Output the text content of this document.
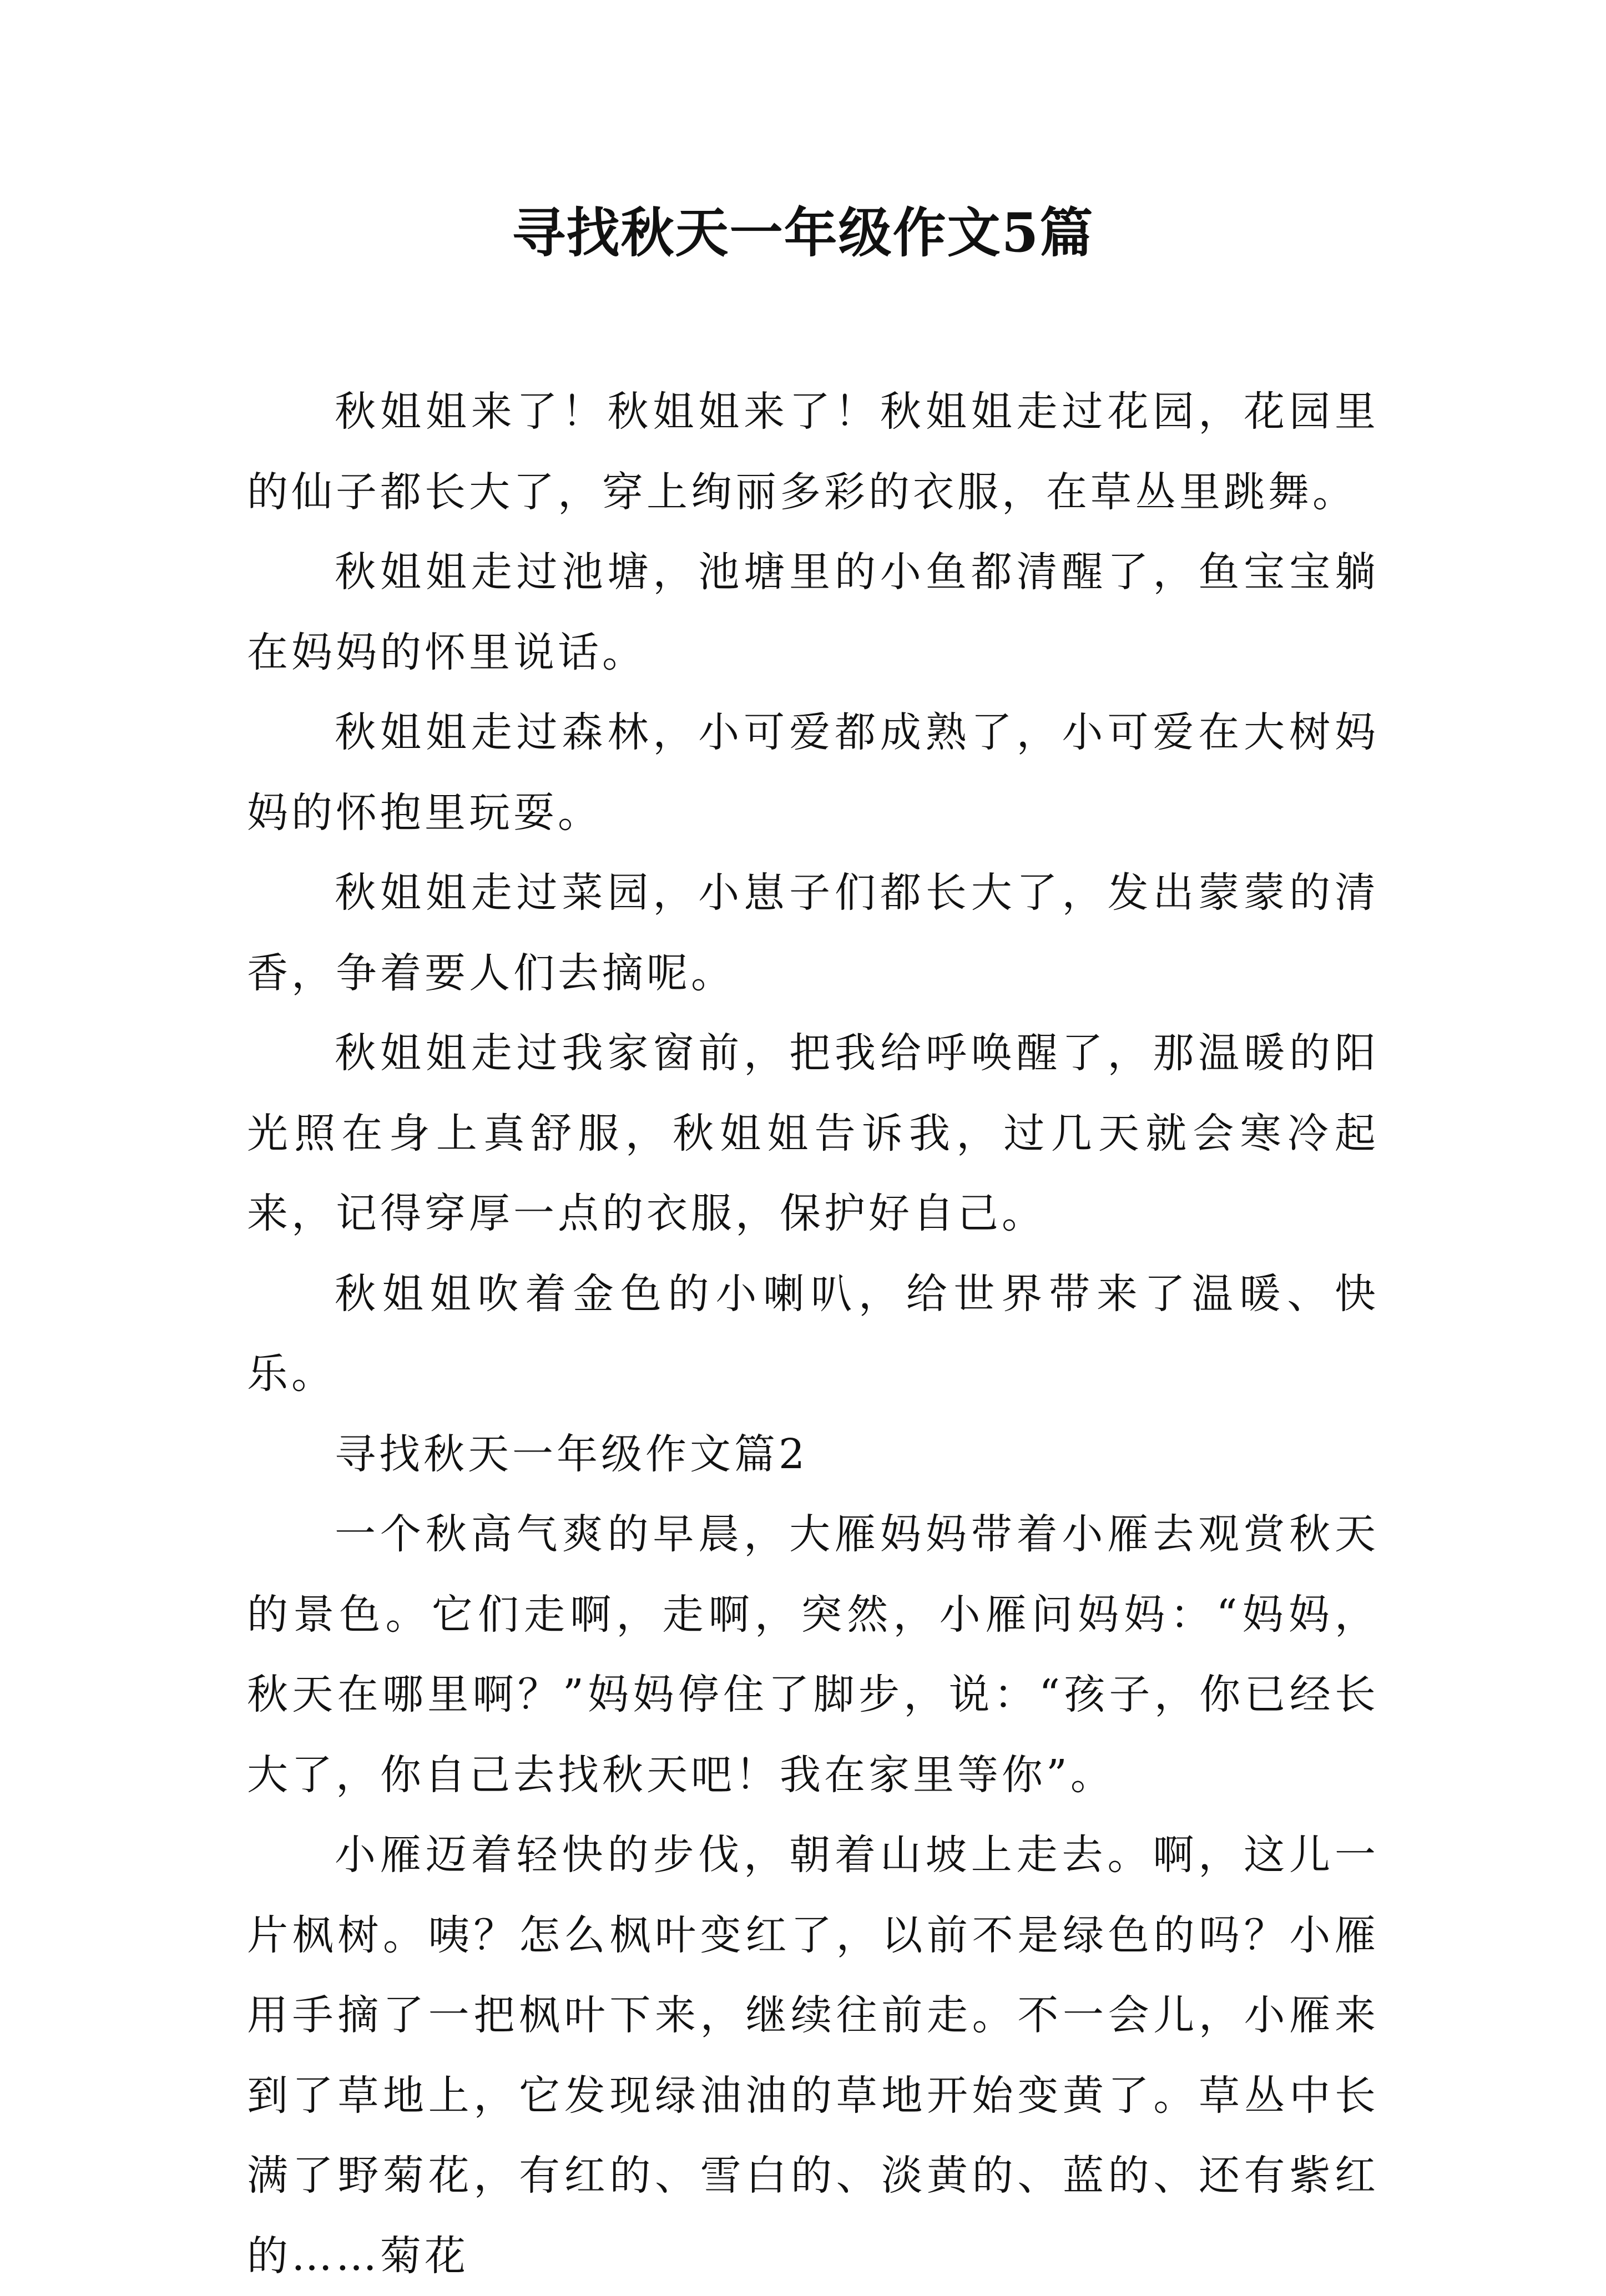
寻找秋天一年级作文5篇

秋姐姐来了！秋姐姐来了！秋姐姐走过花园，花园里的仙子都长大了，穿上绚丽多彩的衣服，在草丛里跳舞。

秋姐姐走过池塘，池塘里的小鱼都清醒了，鱼宝宝躺在妈妈的怀里说话。

秋姐姐走过森林，小可爱都成熟了，小可爱在大树妈妈的怀抱里玩耍。

秋姐姐走过菜园，小崽子们都长大了，发出蒙蒙的清香，争着要人们去摘呢。

秋姐姐走过我家窗前，把我给呼唤醒了，那温暖的阳光照在身上真舒服，秋姐姐告诉我，过几天就会寒冷起来，记得穿厚一点的衣服，保护好自己。

秋姐姐吹着金色的小喇叭，给世界带来了温暖、快乐。

寻找秋天一年级作文篇2

一个秋高气爽的早晨，大雁妈妈带着小雁去观赏秋天的景色。它们走啊，走啊，突然，小雁问妈妈：“妈妈，秋天在哪里啊？”妈妈停住了脚步，说：“孩子，你已经长大了，你自己去找秋天吧！我在家里等你”。

小雁迈着轻快的步伐，朝着山坡上走去。啊，这儿一片枫树。咦？怎么枫叶变红了，以前不是绿色的吗？小雁用手摘了一把枫叶下来，继续往前走。不一会儿，小雁来到了草地上，它发现绿油油的草地开始变黄了。草丛中长满了野菊花，有红的、雪白的、淡黄的、蓝的、还有紫红的……菊花
